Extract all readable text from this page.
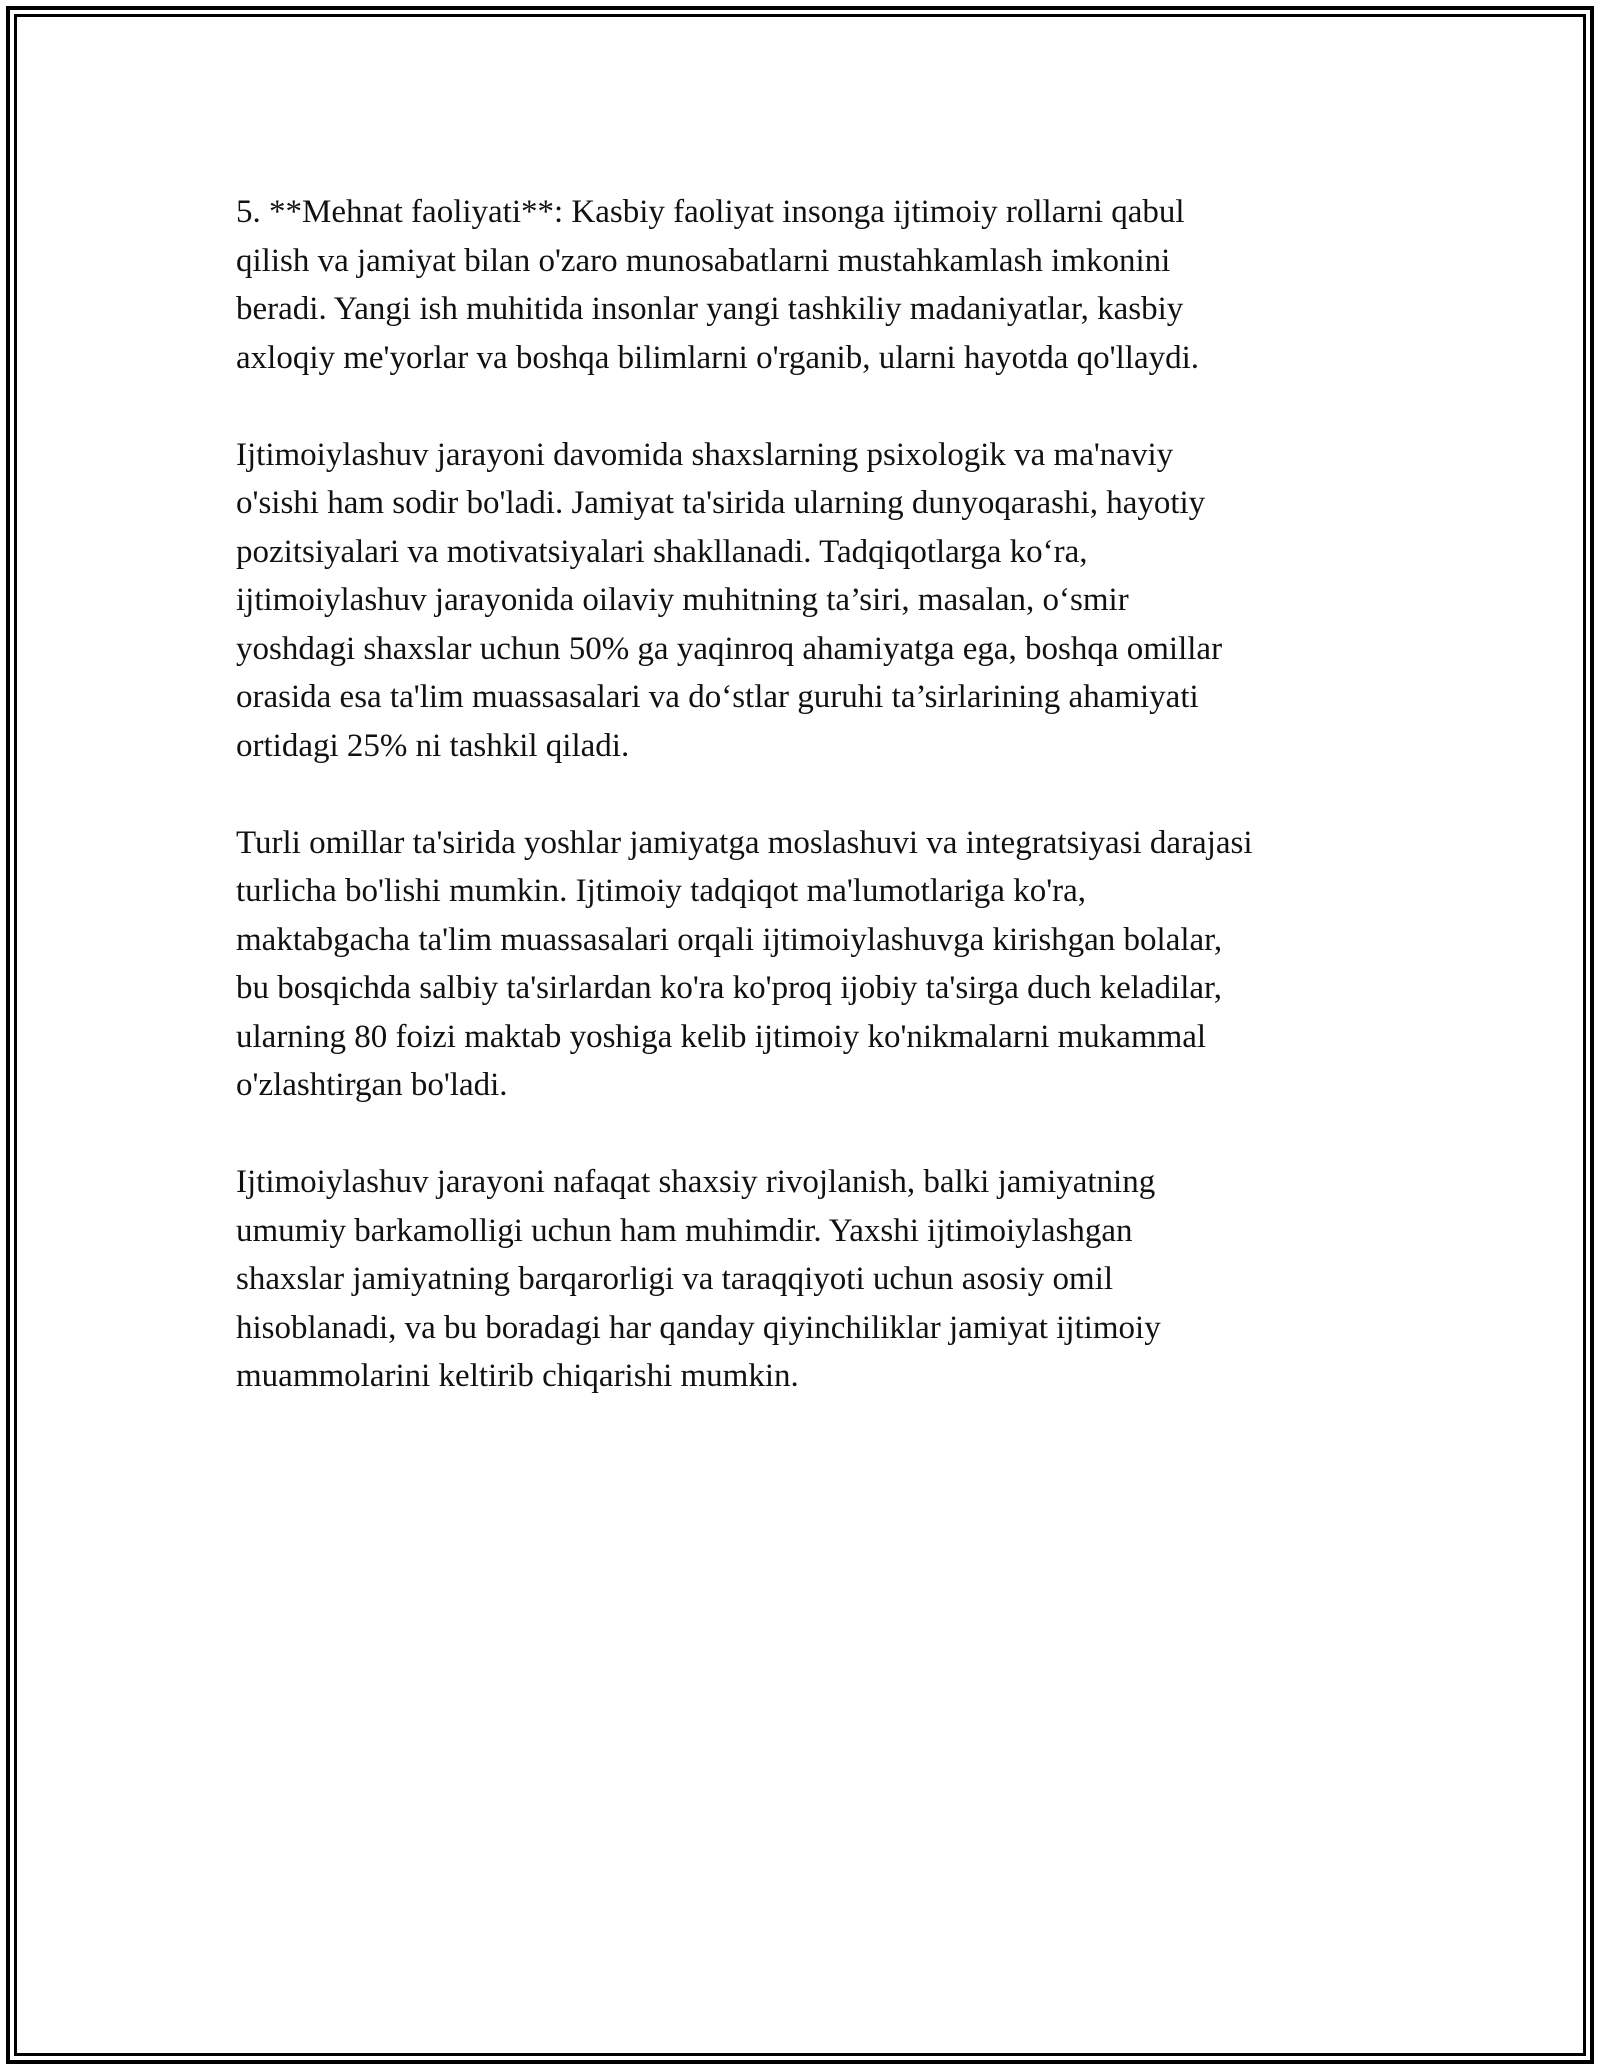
5. **Mehnat faoliyati**: Kasbiy faoliyat insonga ijtimoiy rollarni qabul
qilish va jamiyat bilan o'zaro munosabatlarni mustahkamlash imkonini
beradi. Yangi ish muhitida insonlar yangi tashkiliy madaniyatlar, kasbiy
axloqiy me'yorlar va boshqa bilimlarni o'rganib, ularni hayotda qo'llaydi.

Ijtimoiylashuv jarayoni davomida shaxslarning psixologik va ma'naviy
o'sishi ham sodir bo'ladi. Jamiyat ta'sirida ularning dunyoqarashi, hayotiy
pozitsiyalari va motivatsiyalari shakllanadi. Tadqiqotlarga ko‘ra,
ijtimoiylashuv jarayonida oilaviy muhitning ta’siri, masalan, o‘smir
yoshdagi shaxslar uchun 50% ga yaqinroq ahamiyatga ega, boshqa omillar
orasida esa ta'lim muassasalari va do‘stlar guruhi ta’sirlarining ahamiyati
ortidagi 25% ni tashkil qiladi.

Turli omillar ta'sirida yoshlar jamiyatga moslashuvi va integratsiyasi darajasi
turlicha bo'lishi mumkin. Ijtimoiy tadqiqot ma'lumotlariga ko'ra,
maktabgacha ta'lim muassasalari orqali ijtimoiylashuvga kirishgan bolalar,
bu bosqichda salbiy ta'sirlardan ko'ra ko'proq ijobiy ta'sirga duch keladilar,
ularning 80 foizi maktab yoshiga kelib ijtimoiy ko'nikmalarni mukammal
o'zlashtirgan bo'ladi.

Ijtimoiylashuv jarayoni nafaqat shaxsiy rivojlanish, balki jamiyatning
umumiy barkamolligi uchun ham muhimdir. Yaxshi ijtimoiylashgan
shaxslar jamiyatning barqarorligi va taraqqiyoti uchun asosiy omil
hisoblanadi, va bu boradagi har qanday qiyinchiliklar jamiyat ijtimoiy
muammolarini keltirib chiqarishi mumkin.
